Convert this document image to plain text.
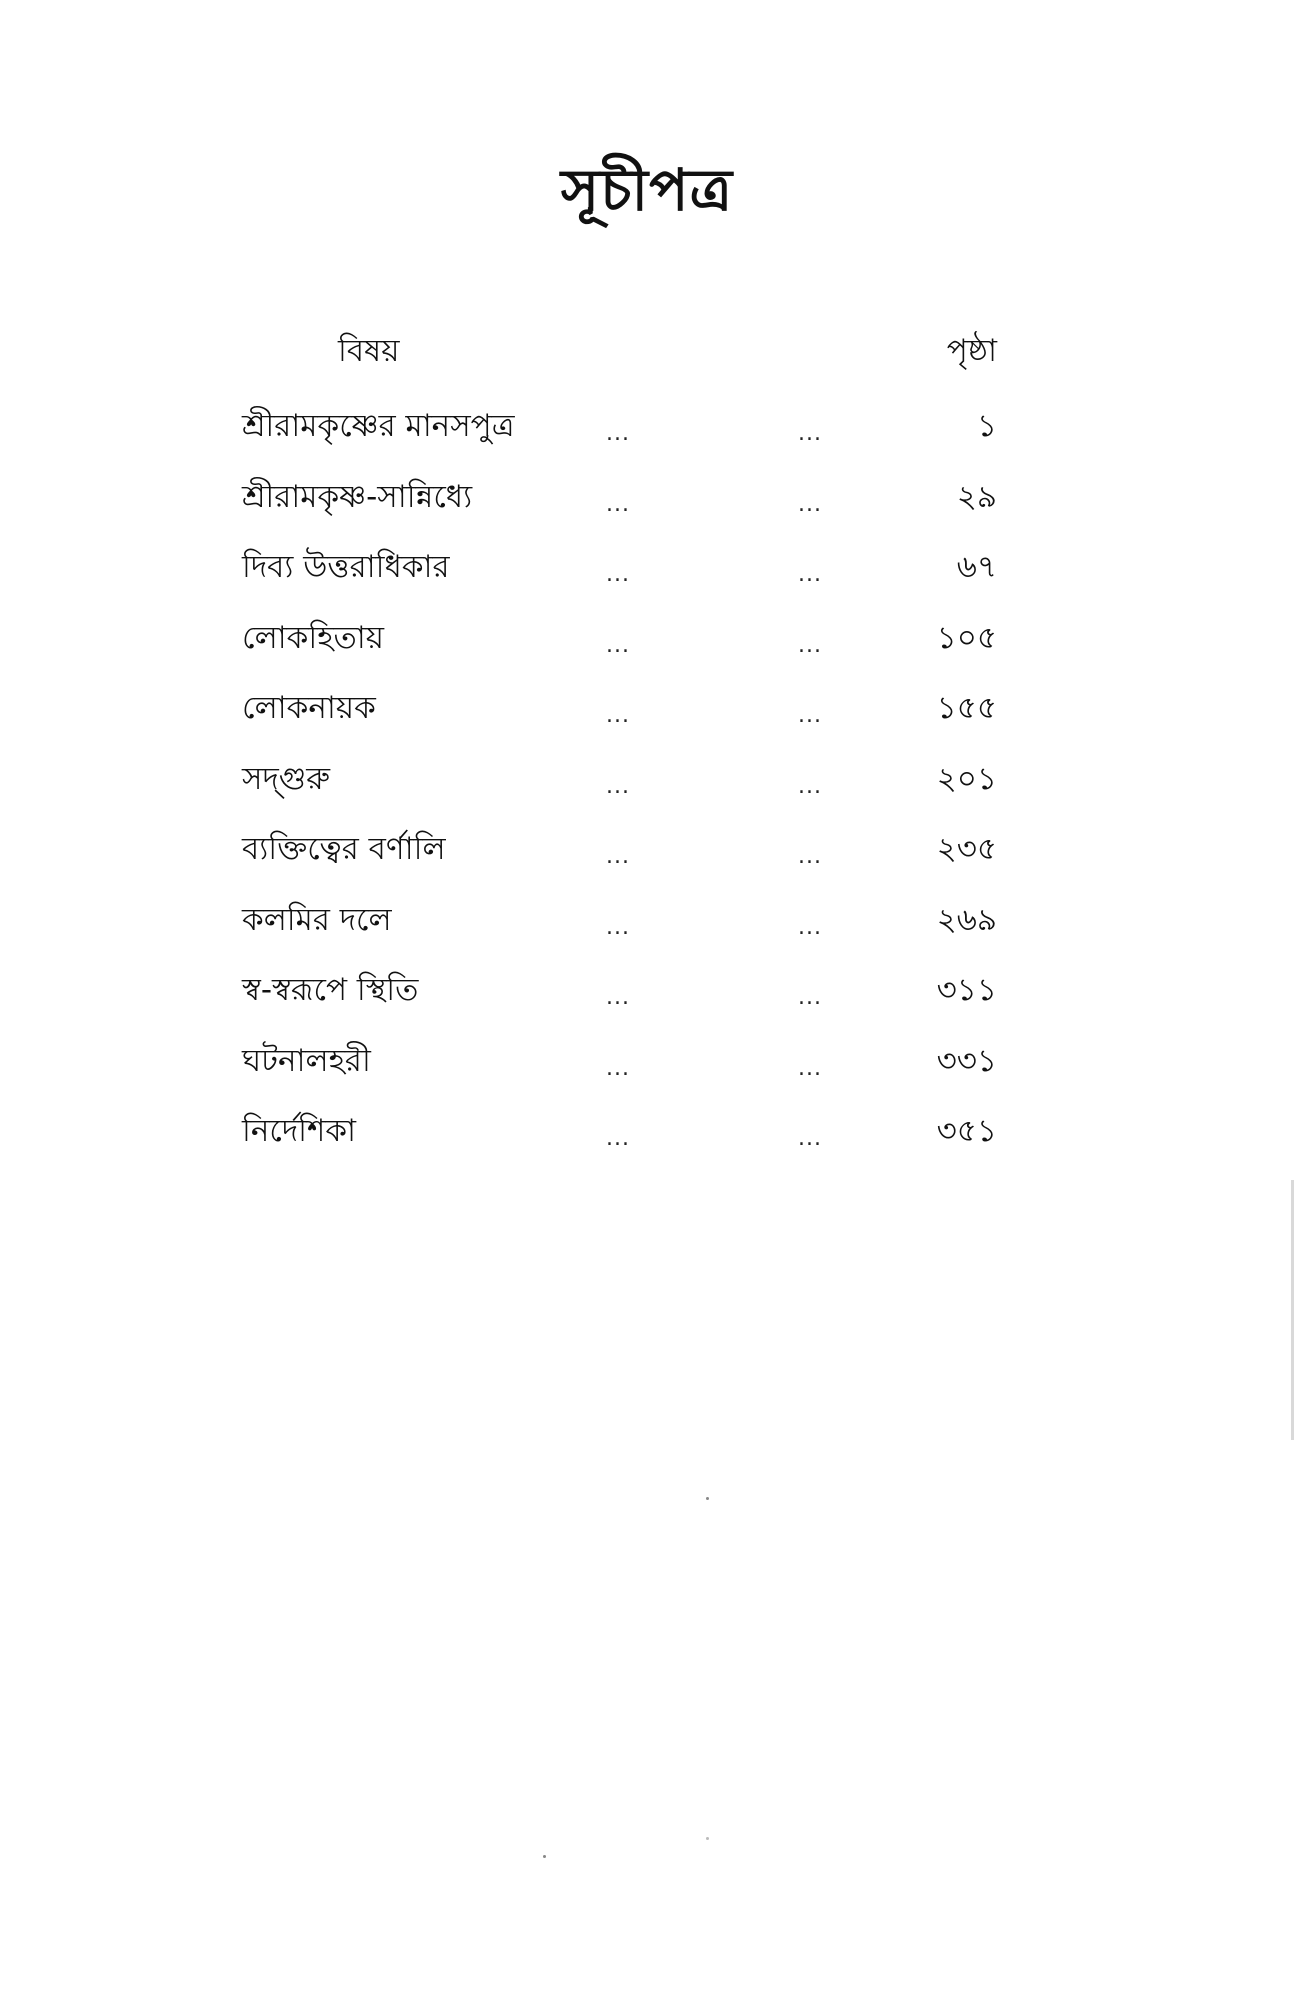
সূচীপত্র
বিষয়	পৃষ্ঠা
শ্রীরামকৃষ্ণের মানসপুত্র	...	...	১
শ্রীরামকৃষ্ণ-সান্নিধ্যে	...	...	২৯
দিব্য উত্তরাধিকার	...	...	৬৭
লোকহিতায়	...	...	১০৫
লোকনায়ক	...	...	১৫৫
সদ্গুরু	...	...	২০১
ব্যক্তিত্বের বর্ণালি	...	...	২৩৫
কলমির দলে	...	...	২৬৯
স্ব-স্বরূপে স্থিতি	...	...	৩১১
ঘটনালহরী	...	...	৩৩১
নির্দেশিকা	...	...	৩৫১
